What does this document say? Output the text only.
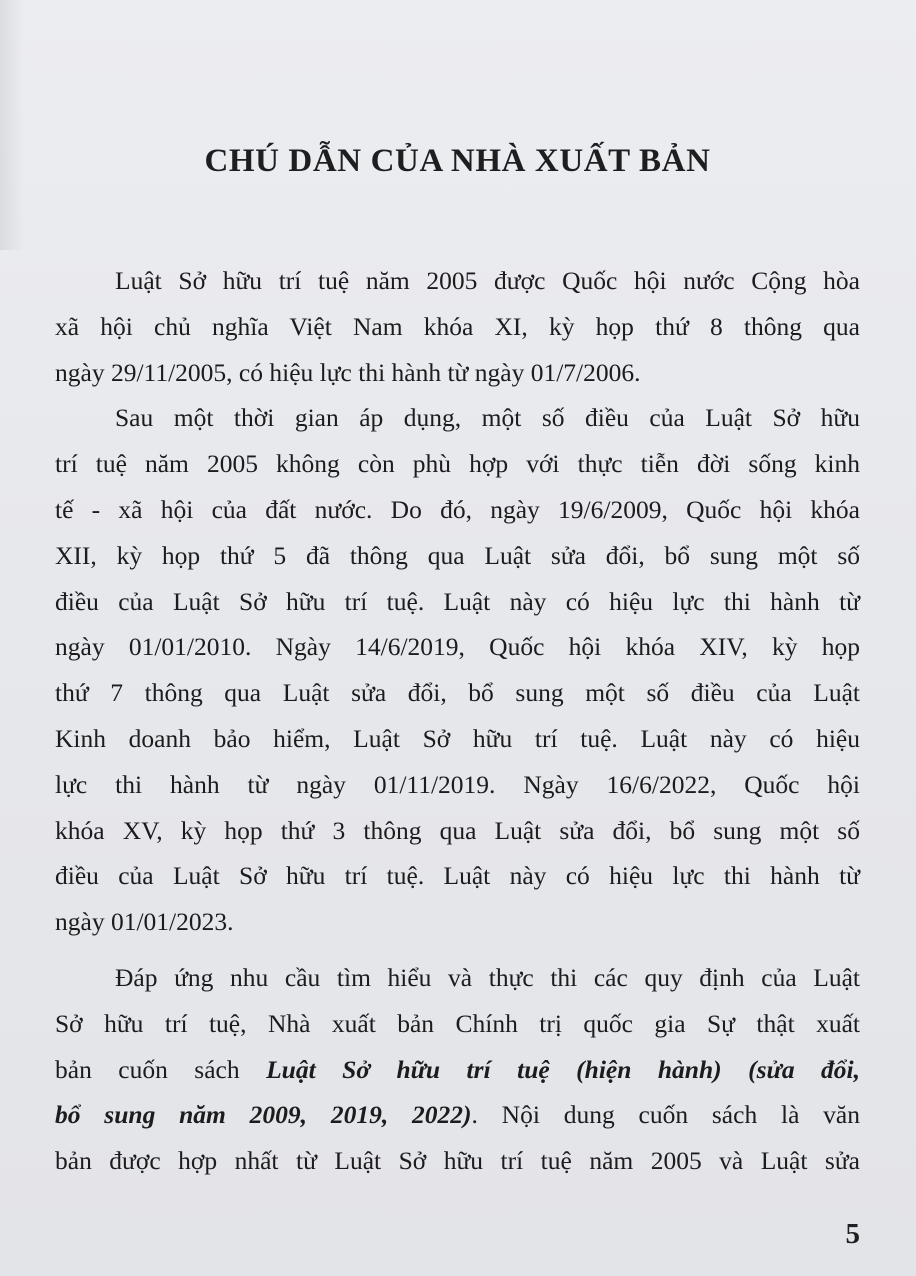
CHÚ DẪN CỦA NHÀ XUẤT BẢN
Luật Sở hữu trí tuệ năm 2005 được Quốc hội nước Cộng hòa
xã hội chủ nghĩa Việt Nam khóa XI, kỳ họp thứ 8 thông qua
ngày 29/11/2005, có hiệu lực thi hành từ ngày 01/7/2006.
Sau một thời gian áp dụng, một số điều của Luật Sở hữu
trí tuệ năm 2005 không còn phù hợp với thực tiễn đời sống kinh
tế - xã hội của đất nước. Do đó, ngày 19/6/2009, Quốc hội khóa
XII, kỳ họp thứ 5 đã thông qua Luật sửa đổi, bổ sung một số
điều của Luật Sở hữu trí tuệ. Luật này có hiệu lực thi hành từ
ngày 01/01/2010. Ngày 14/6/2019, Quốc hội khóa XIV, kỳ họp
thứ 7 thông qua Luật sửa đổi, bổ sung một số điều của Luật
Kinh doanh bảo hiểm, Luật Sở hữu trí tuệ. Luật này có hiệu
lực thi hành từ ngày 01/11/2019. Ngày 16/6/2022, Quốc hội
khóa XV, kỳ họp thứ 3 thông qua Luật sửa đổi, bổ sung một số
điều của Luật Sở hữu trí tuệ. Luật này có hiệu lực thi hành từ
ngày 01/01/2023.
Đáp ứng nhu cầu tìm hiểu và thực thi các quy định của Luật
Sở hữu trí tuệ, Nhà xuất bản Chính trị quốc gia Sự thật xuất
bản cuốn sách Luật Sở hữu trí tuệ (hiện hành) (sửa đổi,
bổ sung năm 2009, 2019, 2022). Nội dung cuốn sách là văn
bản được hợp nhất từ Luật Sở hữu trí tuệ năm 2005 và Luật sửa
5
